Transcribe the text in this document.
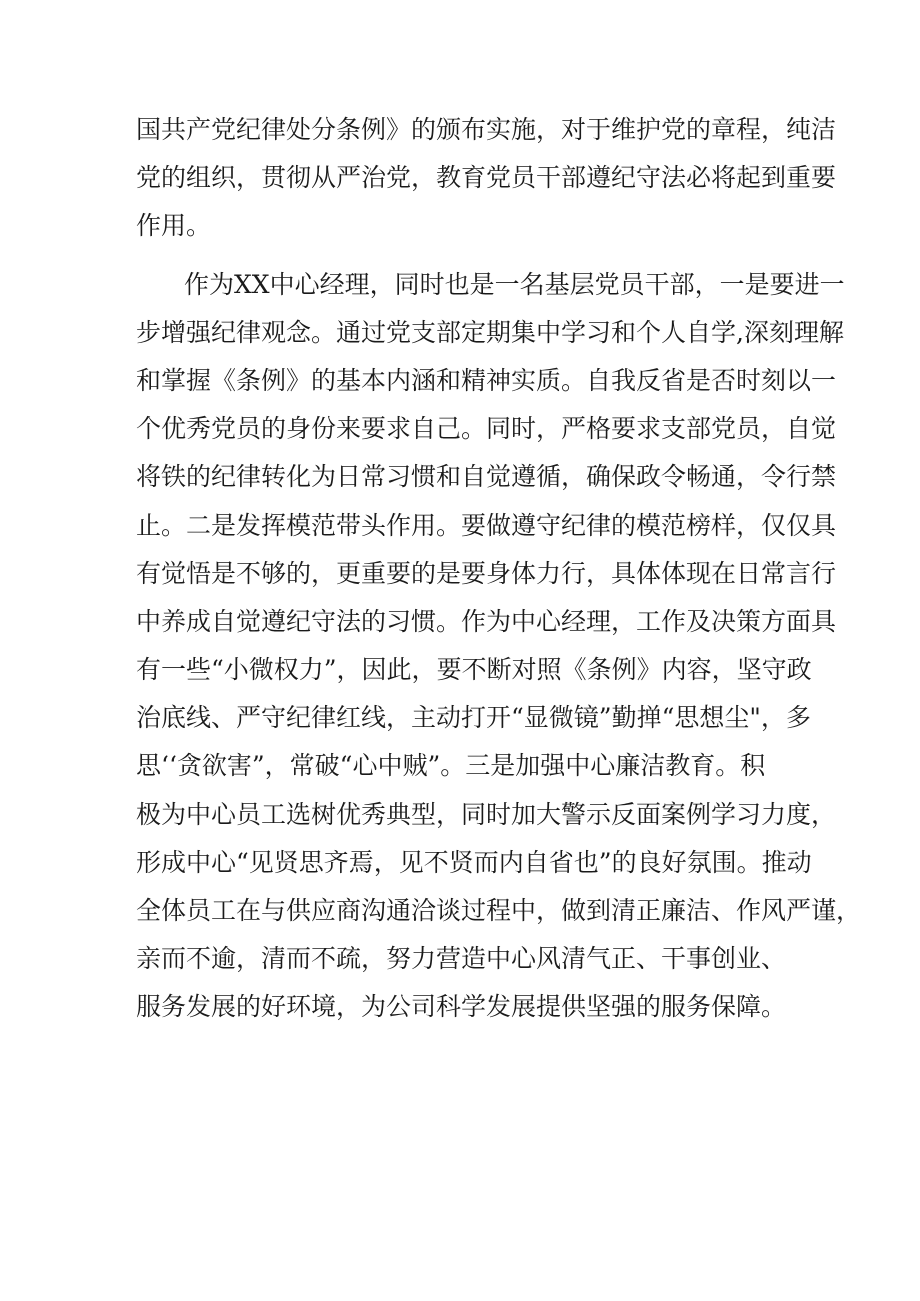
国共产党纪律处分条例》的颁布实施，对于维护党的章程，纯洁
党的组织，贯彻从严治党，教育党员干部遵纪守法必将起到重要
作用。
作为XX中心经理，同时也是一名基层党员干部，一是要进一
步增强纪律观念。通过党支部定期集中学习和个人自学,深刻理解
和掌握《条例》的基本内涵和精神实质。自我反省是否时刻以一
个优秀党员的身份来要求自己。同时，严格要求支部党员，自觉
将铁的纪律转化为日常习惯和自觉遵循，确保政令畅通，令行禁
止。二是发挥模范带头作用。要做遵守纪律的模范榜样，仅仅具
有觉悟是不够的，更重要的是要身体力行，具体体现在日常言行
中养成自觉遵纪守法的习惯。作为中心经理，工作及决策方面具
有一些“小微权力”，因此，要不断对照《条例》内容，坚守政
治底线、严守纪律红线，主动打开“显微镜”勤掸“思想尘"，多
思‘‘贪欲害”，常破“心中贼”。三是加强中心廉洁教育。积
极为中心员工选树优秀典型，同时加大警示反面案例学习力度，
形成中心“见贤思齐焉，见不贤而内自省也”的良好氛围。推动
全体员工在与供应商沟通洽谈过程中，做到清正廉洁、作风严谨，
亲而不逾，清而不疏，努力营造中心风清气正、干事创业、
服务发展的好环境，为公司科学发展提供坚强的服务保障。
